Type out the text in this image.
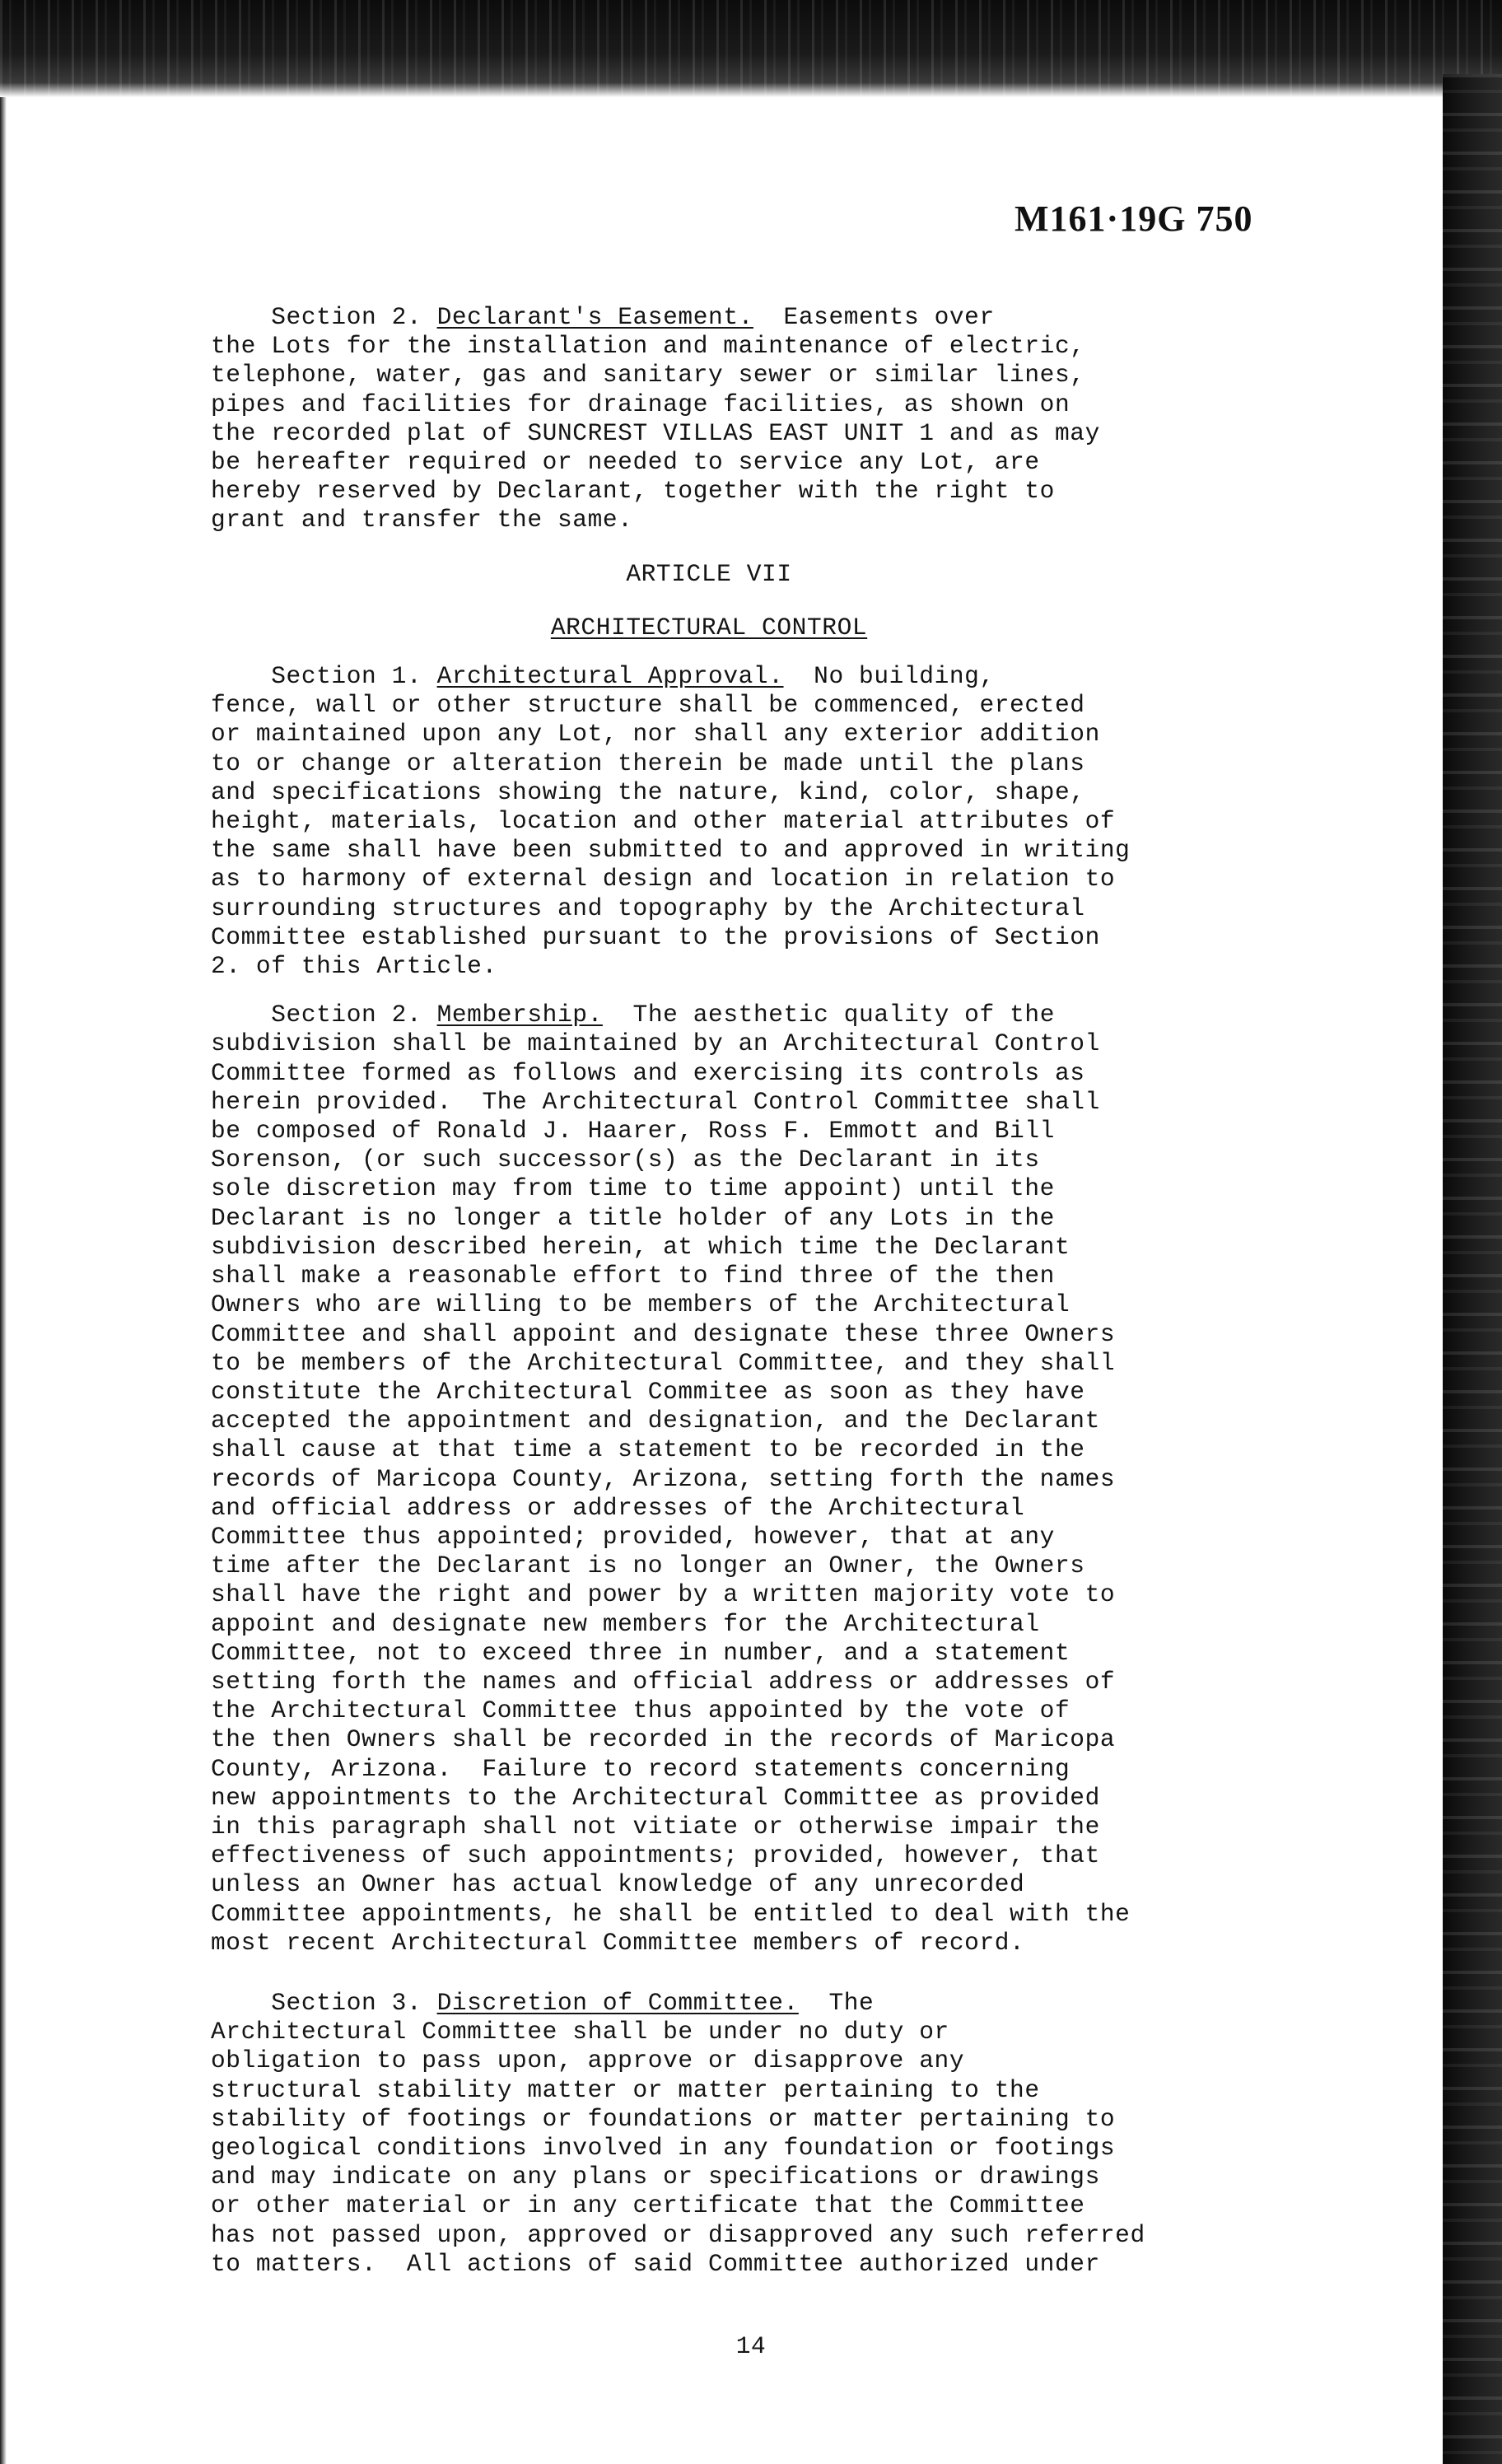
M161·19G 750
Section 2. Declarant's Easement. Easements over
the Lots for the installation and maintenance of electric,
telephone, water, gas and sanitary sewer or similar lines,
pipes and facilities for drainage facilities, as shown on
the recorded plat of SUNCREST VILLAS EAST UNIT 1 and as may
be hereafter required or needed to service any Lot, are
hereby reserved by Declarant, together with the right to
grant and transfer the same.
ARTICLE VII
ARCHITECTURAL CONTROL
Section 1. Architectural Approval. No building,
fence, wall or other structure shall be commenced, erected
or maintained upon any Lot, nor shall any exterior addition
to or change or alteration therein be made until the plans
and specifications showing the nature, kind, color, shape,
height, materials, location and other material attributes of
the same shall have been submitted to and approved in writing
as to harmony of external design and location in relation to
surrounding structures and topography by the Architectural
Committee established pursuant to the provisions of Section
2. of this Article.
Section 2. Membership. The aesthetic quality of the
subdivision shall be maintained by an Architectural Control
Committee formed as follows and exercising its controls as
herein provided.  The Architectural Control Committee shall
be composed of Ronald J. Haarer, Ross F. Emmott and Bill
Sorenson, (or such successor(s) as the Declarant in its
sole discretion may from time to time appoint) until the
Declarant is no longer a title holder of any Lots in the
subdivision described herein, at which time the Declarant
shall make a reasonable effort to find three of the then
Owners who are willing to be members of the Architectural
Committee and shall appoint and designate these three Owners
to be members of the Architectural Committee, and they shall
constitute the Architectural Commitee as soon as they have
accepted the appointment and designation, and the Declarant
shall cause at that time a statement to be recorded in the
records of Maricopa County, Arizona, setting forth the names
and official address or addresses of the Architectural
Committee thus appointed; provided, however, that at any
time after the Declarant is no longer an Owner, the Owners
shall have the right and power by a written majority vote to
appoint and designate new members for the Architectural
Committee, not to exceed three in number, and a statement
setting forth the names and official address or addresses of
the Architectural Committee thus appointed by the vote of
the then Owners shall be recorded in the records of Maricopa
County, Arizona.  Failure to record statements concerning
new appointments to the Architectural Committee as provided
in this paragraph shall not vitiate or otherwise impair the
effectiveness of such appointments; provided, however, that
unless an Owner has actual knowledge of any unrecorded
Committee appointments, he shall be entitled to deal with the
most recent Architectural Committee members of record.
Section 3. Discretion of Committee. The
Architectural Committee shall be under no duty or
obligation to pass upon, approve or disapprove any
structural stability matter or matter pertaining to the
stability of footings or foundations or matter pertaining to
geological conditions involved in any foundation or footings
and may indicate on any plans or specifications or drawings
or other material or in any certificate that the Committee
has not passed upon, approved or disapproved any such referred
to matters.  All actions of said Committee authorized under
14
